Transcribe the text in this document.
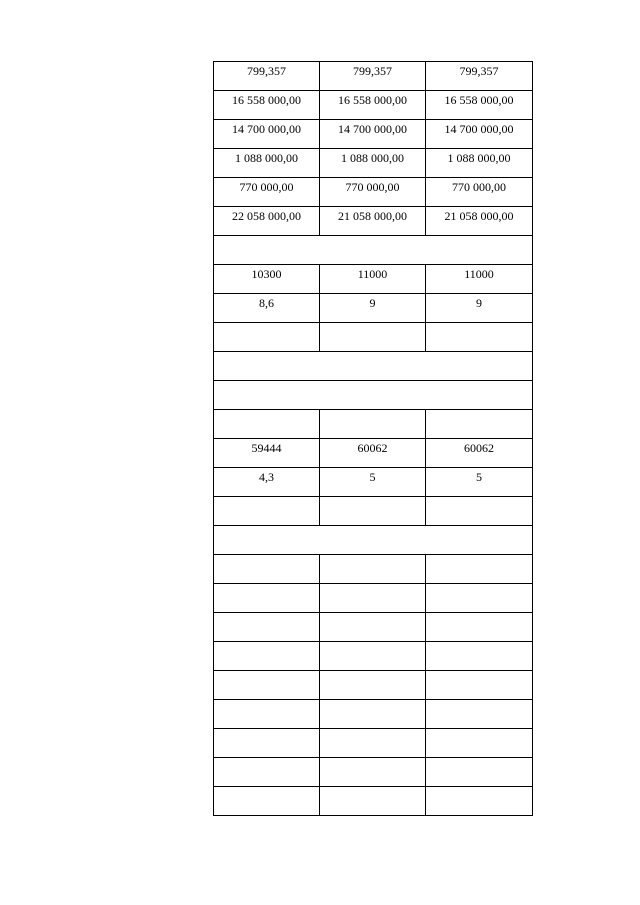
799,357	799,357	799,357
16 558 000,00	16 558 000,00	16 558 000,00
14 700 000,00	14 700 000,00	14 700 000,00
1 088 000,00	1 088 000,00	1 088 000,00
770 000,00	770 000,00	770 000,00
22 058 000,00	21 058 000,00	21 058 000,00

10300	11000	11000
8,6	9	9

59444	60062	60062
4,3	5	5
